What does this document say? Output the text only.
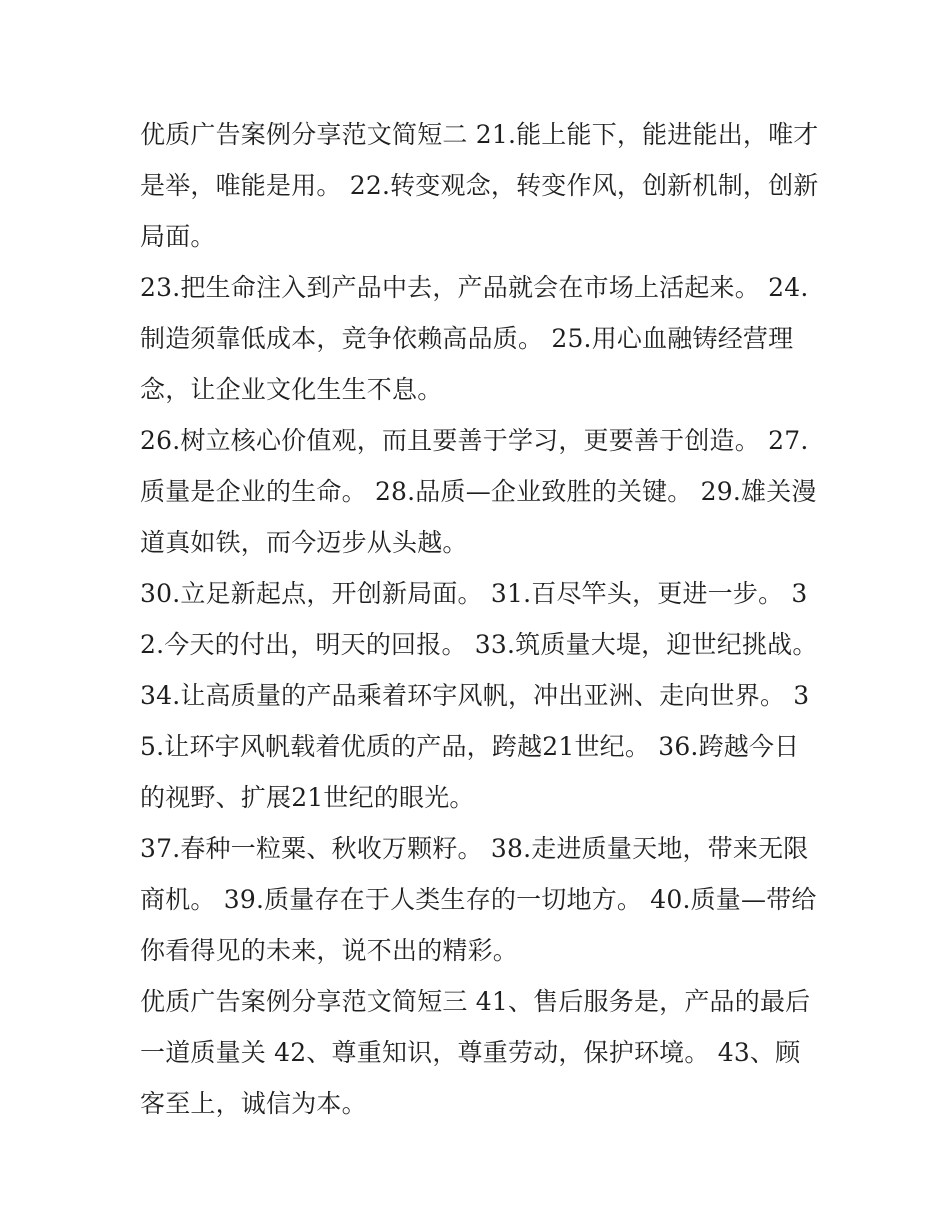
优质广告案例分享范文简短二 21.能上能下，能进能出，唯才是举，唯能是用。 22.转变观念，转变作风，创新机制，创新局面。

23.把生命注入到产品中去，产品就会在市场上活起来。 24.制造须靠低成本，竞争依赖高品质。 25.用心血融铸经营理念，让企业文化生生不息。

26.树立核心价值观，而且要善于学习，更要善于创造。 27.质量是企业的生命。 28.品质—企业致胜的关键。 29.雄关漫道真如铁，而今迈步从头越。

30.立足新起点，开创新局面。 31.百尽竿头，更进一步。 32.今天的付出，明天的回报。 33.筑质量大堤，迎世纪挑战。

34.让高质量的产品乘着环宇风帆，冲出亚洲、走向世界。 35.让环宇风帆载着优质的产品，跨越21世纪。 36.跨越今日的视野、扩展21世纪的眼光。

37.春种一粒粟、秋收万颗籽。 38.走进质量天地，带来无限商机。 39.质量存在于人类生存的一切地方。 40.质量—带给你看得见的未来，说不出的精彩。

优质广告案例分享范文简短三 41、售后服务是，产品的最后一道质量关 42、尊重知识，尊重劳动，保护环境。 43、顾客至上，诚信为本。
